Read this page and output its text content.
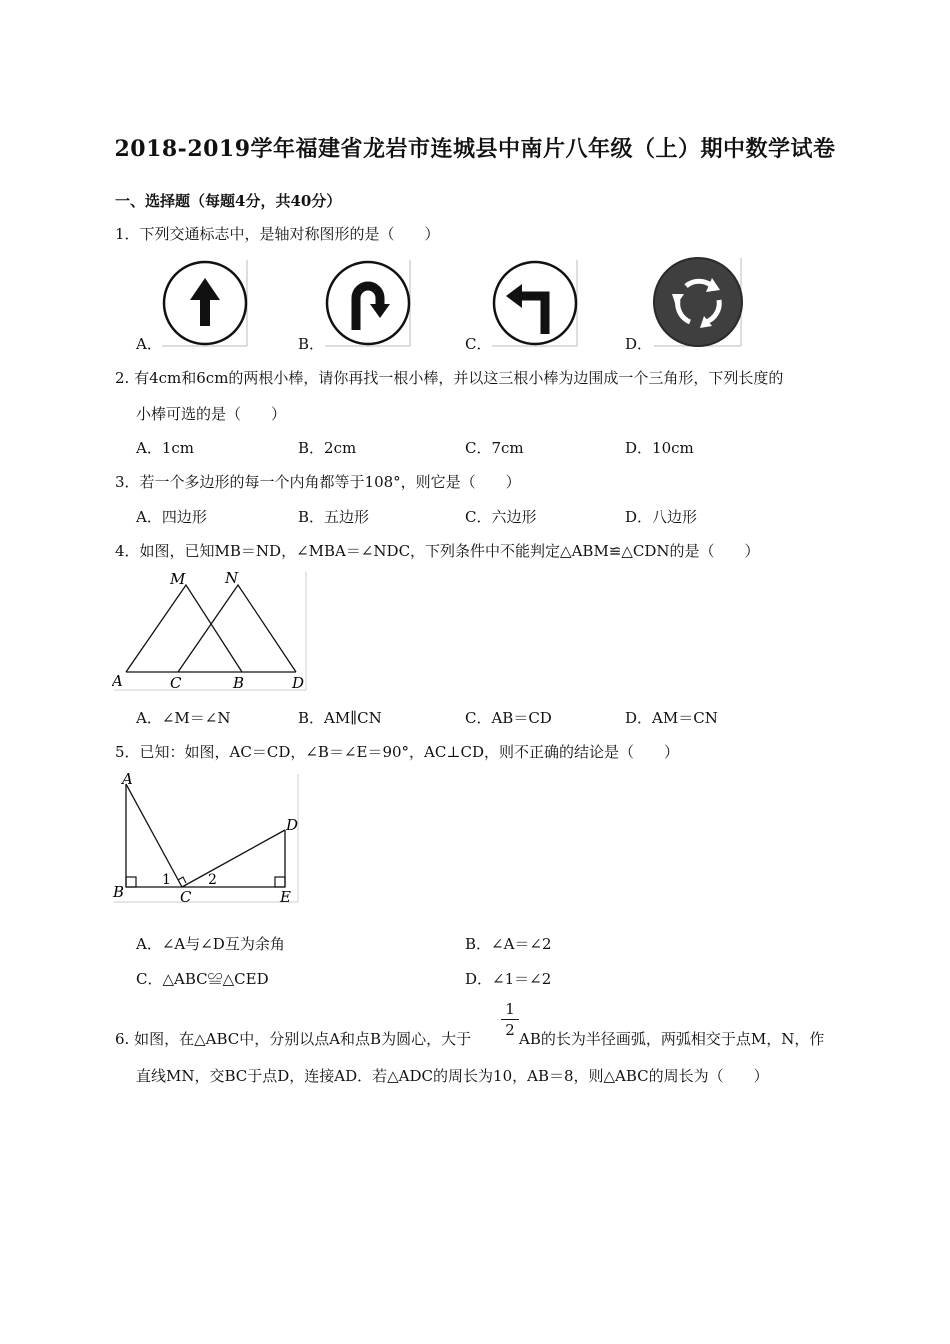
2018-2019学年福建省龙岩市连城县中南片八年级（上）期中数学试卷
一、选择题（每题4分，共40分）
1．下列交通标志中，是轴对称图形的是（　　）
A．	B．	C．	D．
2. 有4cm和6cm的两根小棒，请你再找一根小棒，并以这三根小棒为边围成一个三角形，下列长度的
小棒可选的是（　　）
A．1cm	B．2cm	C．7cm	D．10cm
3．若一个多边形的每一个内角都等于108°，则它是（　　）
A．四边形	B．五边形	C．六边形	D．八边形
4．如图，已知MB＝ND，∠MBA＝∠NDC，下列条件中不能判定△ABM≌△CDN的是（　　）
M	N
A	C	B	D
A．∠M＝∠N	B．AM∥CN	C．AB＝CD	D．AM＝CN
5．已知：如图，AC＝CD，∠B＝∠E＝90°，AC⊥CD，则不正确的结论是（　　）
A
B	C
D
E
1	2
A．∠A与∠D互为余角	B．∠A＝∠2
C．△ABC≌△CED	D．∠1＝∠2
6. 如图，在△ABC中，分别以点A和点B为圆心，大于
1
2 AB的长为半径画弧，两弧相交于点M，N，作
直线MN，交BC于点D，连接AD．若△ADC的周长为10，AB＝8，则△ABC的周长为（　　）
